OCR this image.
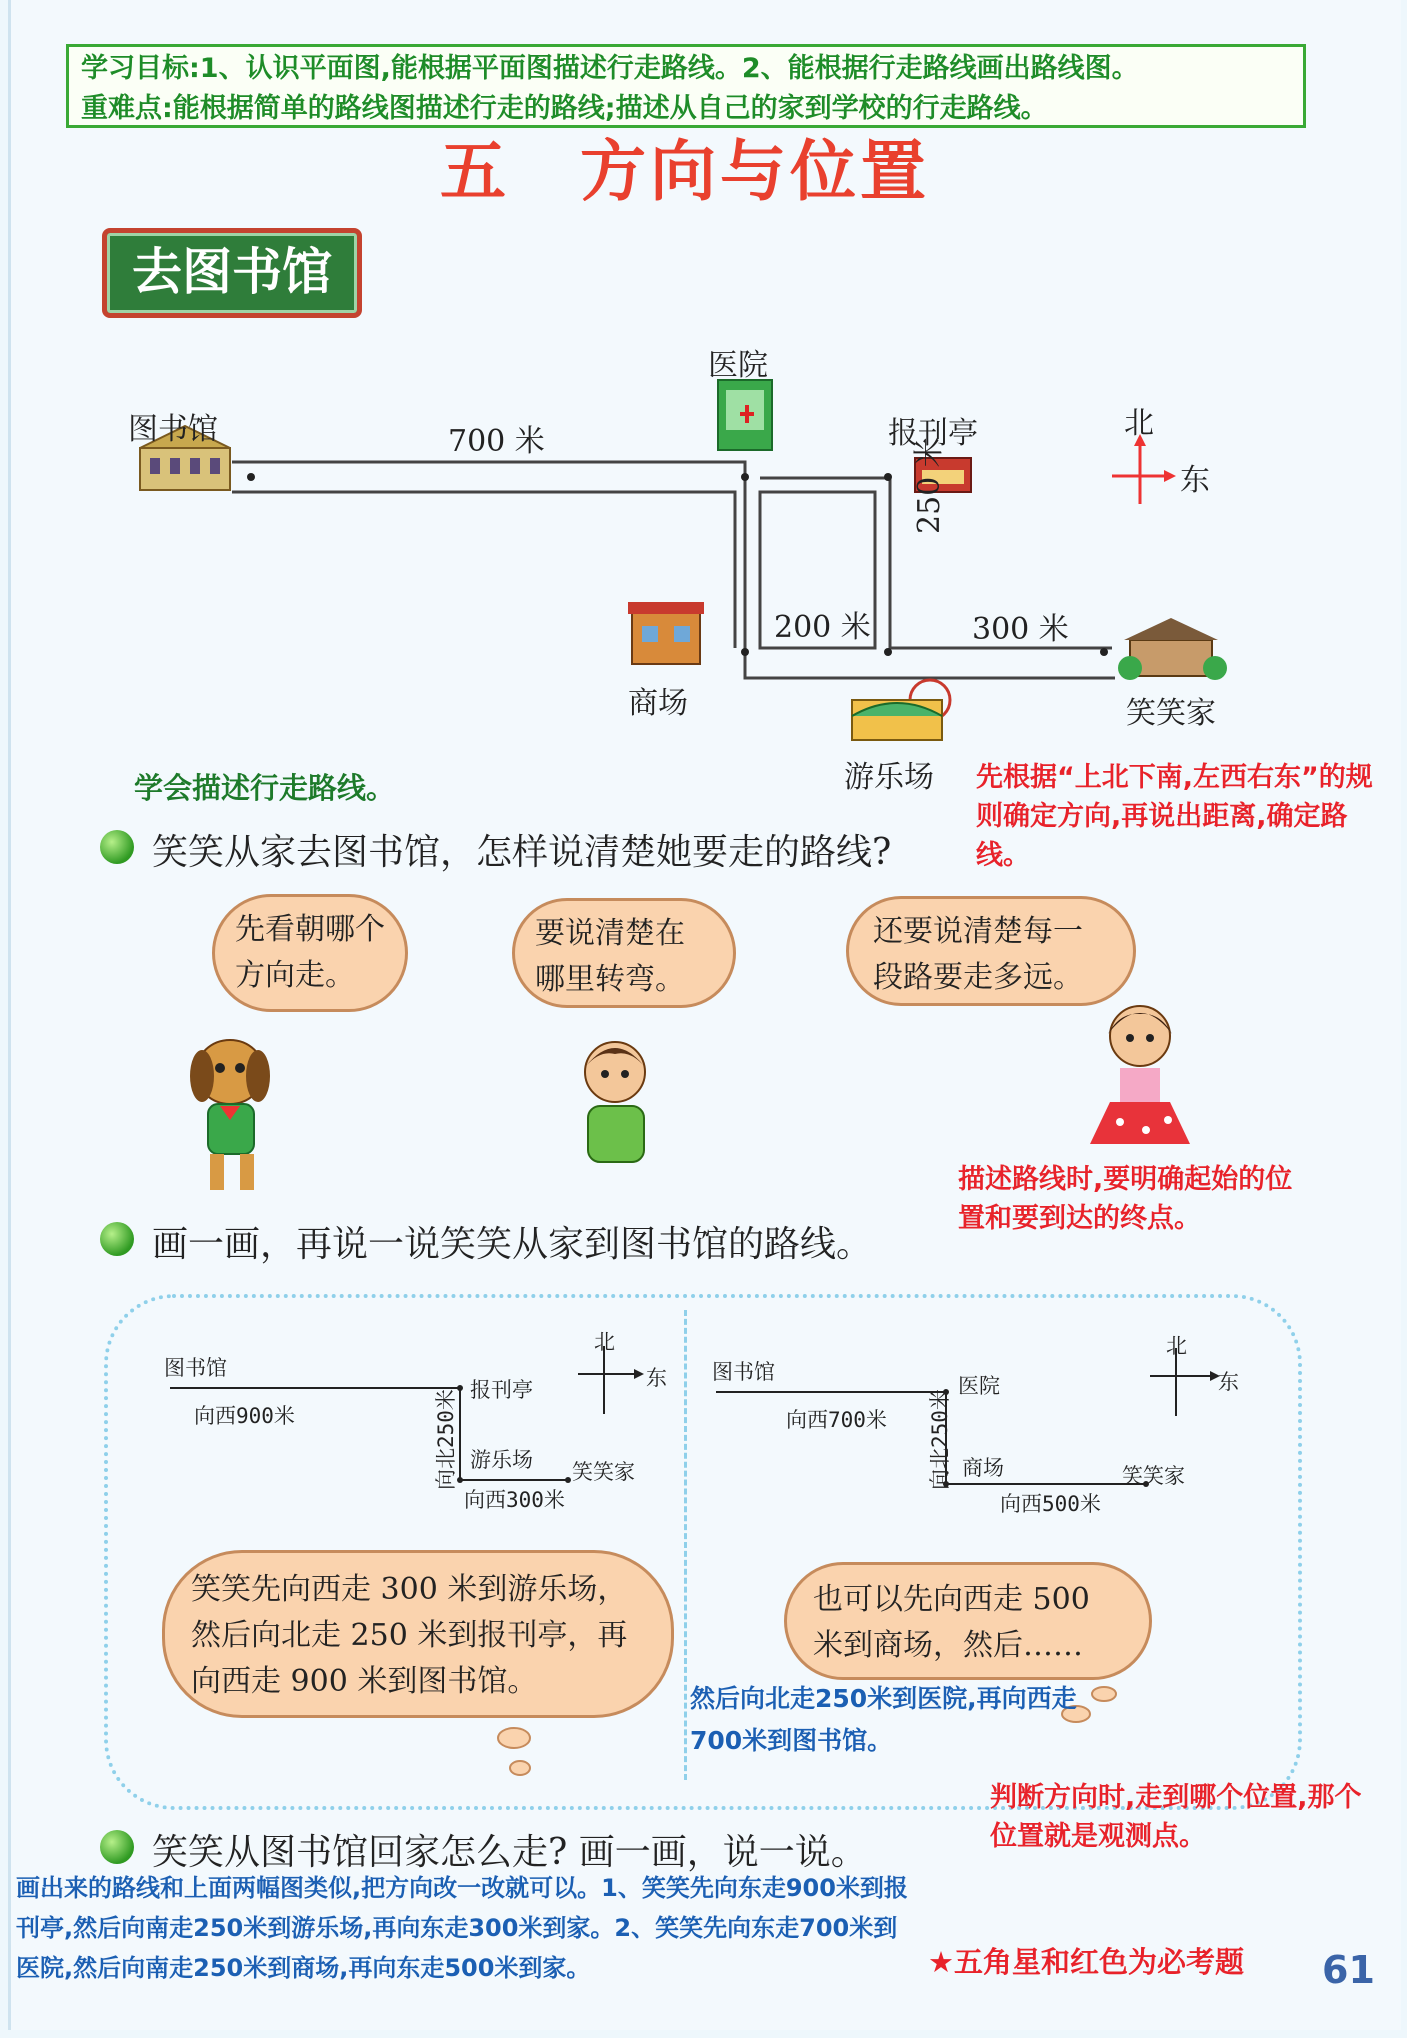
学习目标:1、认识平面图,能根据平面图描述行走路线。2、能根据行走路线画出路线图。
重难点:能根据简单的路线图描述行走的路线;描述从自己的家到学校的行走路线。
五　方向与位置
去图书馆
图书馆
医院
报刊亭
商场
游乐场
笑笑家
北
东
700 米
200 米
250 米
300 米
学会描述行走路线。	先根据“上北下南,左西右东”的规则确定方向,再说出距离,确定路线。
笑笑从家去图书馆，怎样说清楚她要走的路线?
先看朝哪个方向走。
要说清楚在哪里转弯。
还要说清楚每一段路要走多远。
描述路线时,要明确起始的位置和要到达的终点。
画一画，再说一说笑笑从家到图书馆的路线。
图书馆
向西900米
报刊亭
向北250米 游乐场 笑笑家
向西300米
北
东 图书馆
向西700米
医院
向北250米 商场	笑笑家
向西500米
北
东
笑笑先向西走 300 米到游乐场，然后向北走 250 米到报刊亭，再向西走 900 米到图书馆。
也可以先向西走 500 米到商场，然后……
然后向北走250米到医院,再向西走700米到图书馆。
判断方向时,走到哪个位置,那个位置就是观测点。
笑笑从图书馆回家怎么走? 画一画，说一说。
画出来的路线和上面两幅图类似,把方向改一改就可以。1、笑笑先向东走900米到报刊亭,然后向南走250米到游乐场,再向东走300米到家。2、笑笑先向东走700米到医院,然后向南走250米到商场,再向东走500米到家。	★五角星和红色为必考题 61
